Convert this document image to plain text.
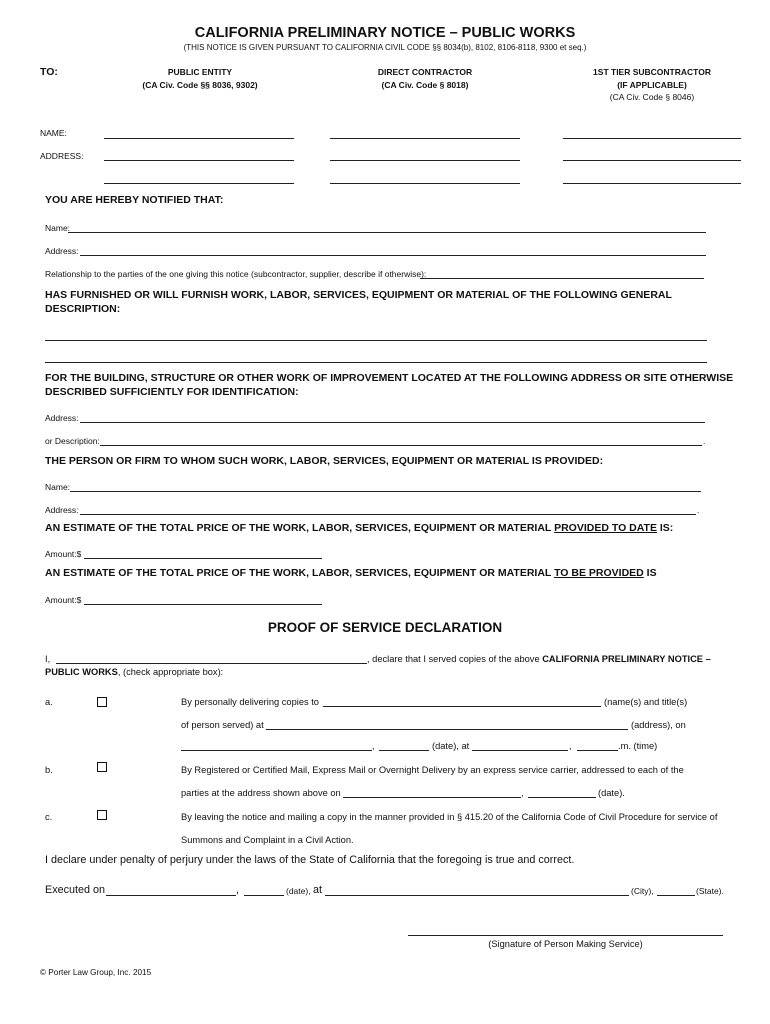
CALIFORNIA PRELIMINARY NOTICE – PUBLIC WORKS
(THIS NOTICE IS GIVEN PURSUANT TO CALIFORNIA CIVIL CODE §§ 8034(b), 8102, 8106-8118, 9300 et seq.)
TO:	PUBLIC ENTITY
(CA Civ. Code §§ 8036, 9302)
DIRECT CONTRACTOR
(CA Civ. Code § 8018)
1ST TIER SUBCONTRACTOR
(IF APPLICABLE)
(CA Civ. Code § 8046)
NAME:
ADDRESS:
YOU ARE HEREBY NOTIFIED THAT:
Name:
Address:
Relationship to the parties of the one giving this notice (subcontractor, supplier, describe if otherwise):
HAS FURNISHED OR WILL FURNISH WORK, LABOR, SERVICES, EQUIPMENT OR MATERIAL OF THE FOLLOWING GENERAL
DESCRIPTION:
FOR THE BUILDING, STRUCTURE OR OTHER WORK OF IMPROVEMENT LOCATED AT THE FOLLOWING ADDRESS OR SITE OTHERWISE
DESCRIBED SUFFICIENTLY FOR IDENTIFICATION:
Address:
or Description:	.
THE PERSON OR FIRM TO WHOM SUCH WORK, LABOR, SERVICES, EQUIPMENT OR MATERIAL IS PROVIDED:
Name:
Address:	.
AN ESTIMATE OF THE TOTAL PRICE OF THE WORK, LABOR, SERVICES, EQUIPMENT OR MATERIAL PROVIDED TO DATE IS:
Amount:$
AN ESTIMATE OF THE TOTAL PRICE OF THE WORK, LABOR, SERVICES, EQUIPMENT OR MATERIAL TO BE PROVIDED IS
Amount:$
PROOF OF SERVICE DECLARATION
I,	, declare that I served copies of the above CALIFORNIA PRELIMINARY NOTICE –
PUBLIC WORKS, (check appropriate box):
a.	By personally delivering copies to	(name(s) and title(s)
of person served) at	(address), on
,	(date), at	,	.m. (time)
b.	By Registered or Certified Mail, Express Mail or Overnight Delivery by an express service carrier, addressed to each of the
parties at the address shown above on	,	(date).
c.	By leaving the notice and mailing a copy in the manner provided in § 415.20 of the California Code of Civil Procedure for service of
Summons and Complaint in a Civil Action.
I declare under penalty of perjury under the laws of the State of California that the foregoing is true and correct.
Executed on	,	(date), at	(City),	(State).
(Signature of Person Making Service)
© Porter Law Group, Inc. 2015
